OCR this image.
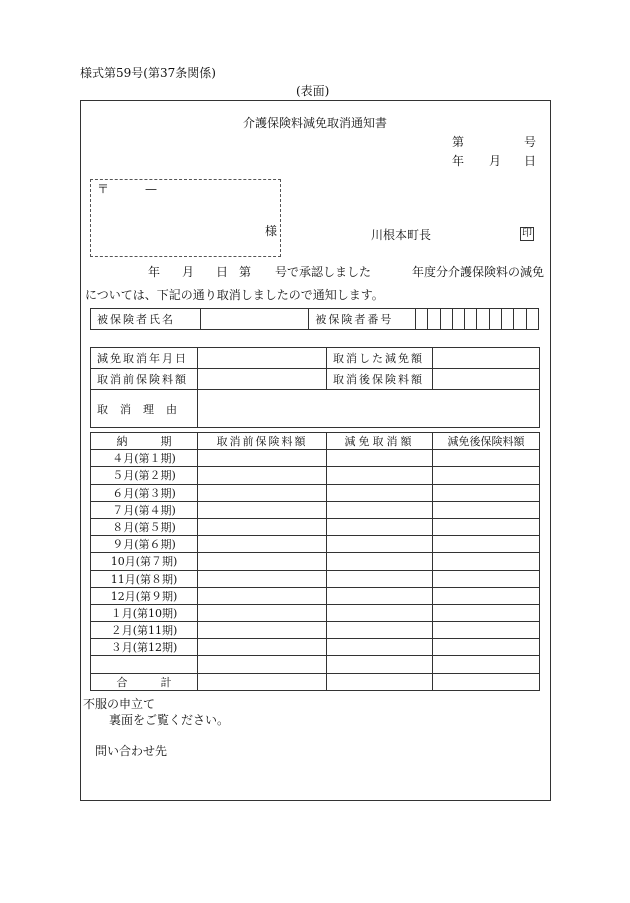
様式第59号(第37条関係)
(表面)
介護保険料減免取消通知書
第	号
年 月 日
〒	—
様	川根本町長	印
年 月 日 第 号で承認しました	年度分介護保険料の減免
については、下記の通り取消しましたので通知します。
被保険者氏名		被保険者番号										
減免取消年月日		取消した減免額	
取消前保険料額		取消後保険料額	
取消理由			
納　　　期	取消前保険料額	減免取消額	減免後保険料額
４月(第１期)			
５月(第２期)			
６月(第３期)			
７月(第４期)			
８月(第５期)			
９月(第６期)			
10月(第７期)			
11月(第８期)			
12月(第９期)			
１月(第10期)			
２月(第11期)			
３月(第12期)			

合　　　計			
不服の申立て
裏面をご覧ください。
問い合わせ先
